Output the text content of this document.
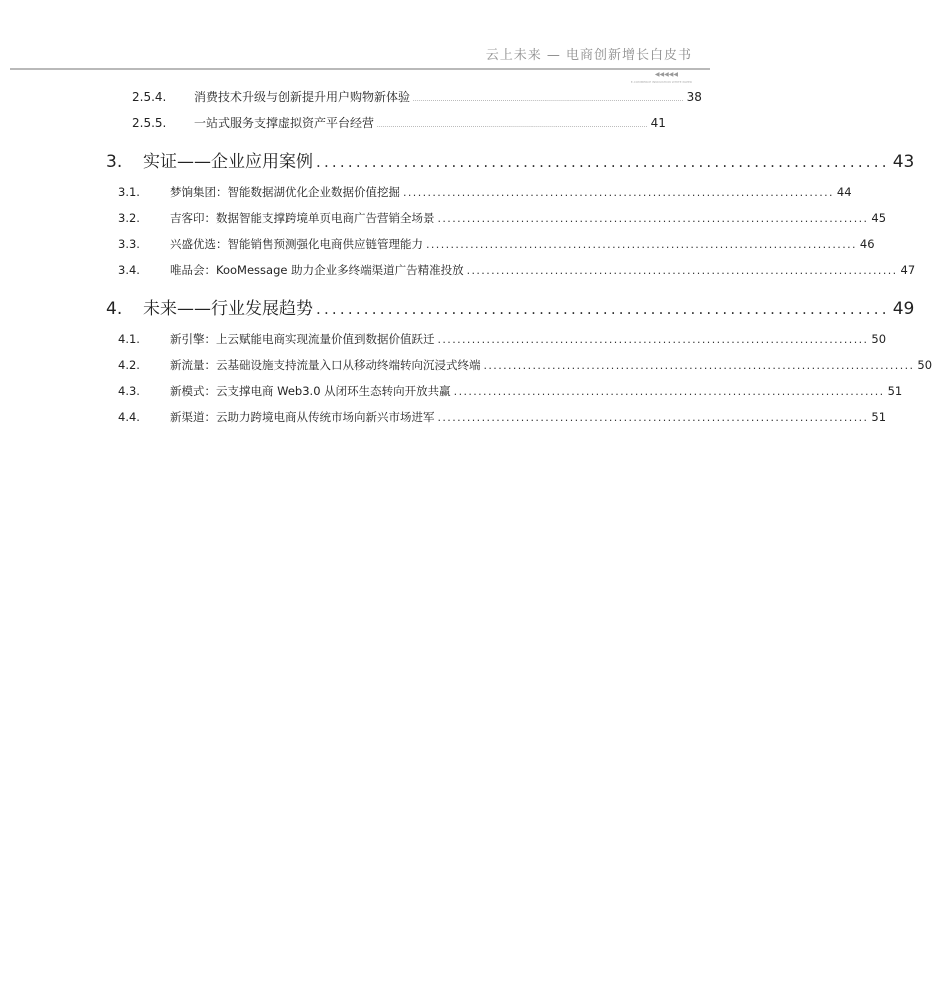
云上未来 — 电商创新增长白皮书
◀◀◀◀◀
E-COMMERCE INNOVATION WHITE PAPER
2.5.4.	消费技术升级与创新提升用户购物新体验 ........................................................................................................................................ 38
2.5.5.	一站式服务支撑虚拟资产平台经营 ........................................................................................................................................ 41
3.	实证——企业应用案例 ........................................................................ 43
3.1.	梦饷集团：智能数据湖优化企业数据价值挖掘 ........................................................................................ 44
3.2.	吉客印：数据智能支撑跨境单页电商广告营销全场景 ........................................................................................ 45
3.3.	兴盛优选：智能销售预测强化电商供应链管理能力 ........................................................................................ 46
3.4.	唯品会：KooMessage 助力企业多终端渠道广告精准投放 ........................................................................................ 47
4.	未来——行业发展趋势 ........................................................................ 49
4.1.	新引擎：上云赋能电商实现流量价值到数据价值跃迁 ........................................................................................ 50
4.2.	新流量：云基础设施支持流量入口从移动终端转向沉浸式终端 ........................................................................................ 50
4.3.	新模式：云支撑电商 Web3.0 从闭环生态转向开放共赢 ........................................................................................ 51
4.4.	新渠道：云助力跨境电商从传统市场向新兴市场进军 ........................................................................................ 51
